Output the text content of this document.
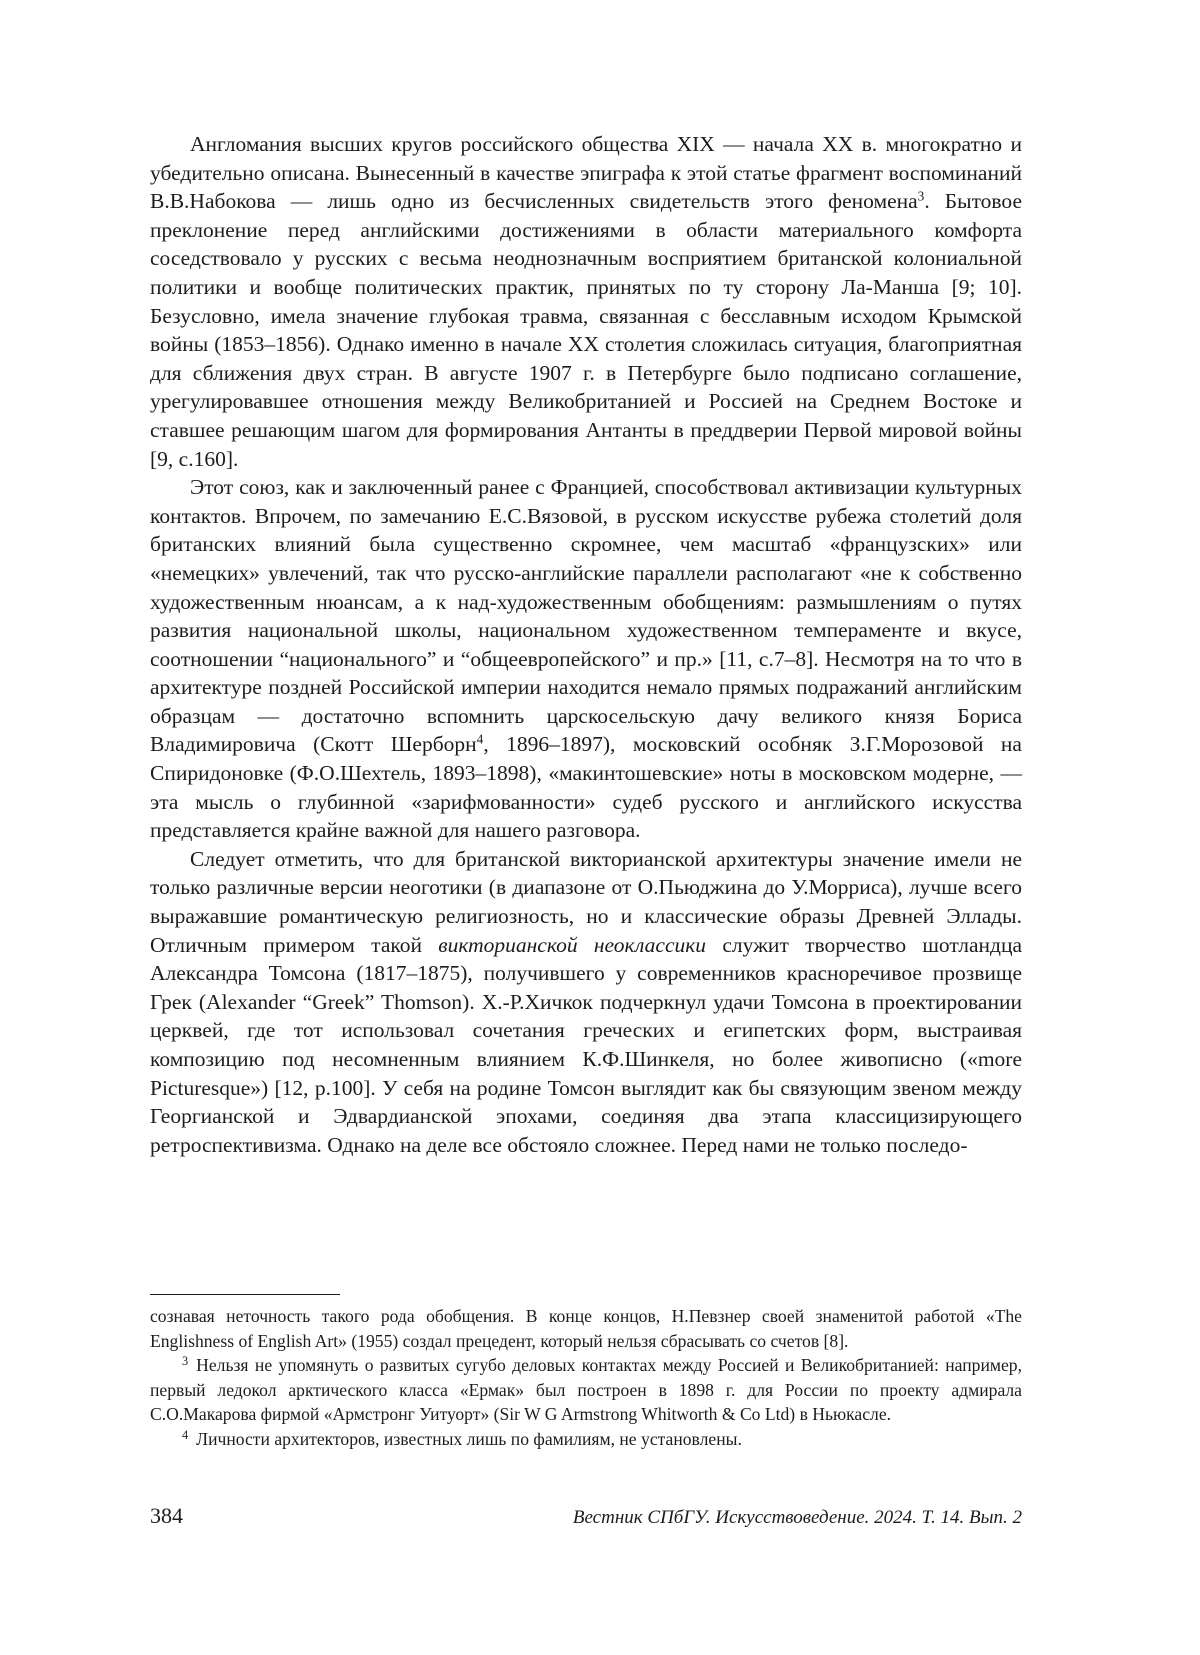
Англомания высших кругов российского общества XIX — начала XX в. многократно и убедительно описана. Вынесенный в качестве эпиграфа к этой статье фрагмент воспоминаний В.В.Набокова — лишь одно из бесчисленных свидетельств этого феномена$^3$. Бытовое преклонение перед английскими достижениями в области материального комфорта соседствовало у русских с весьма неоднозначным восприятием британской колониальной политики и вообще политических практик, принятых по ту сторону Ла-Манша [9; 10]. Безусловно, имела значение глубокая травма, связанная с бесславным исходом Крымской войны (1853–1856). Однако именно в начале XX столетия сложилась ситуация, благоприятная для сближения двух стран. В августе 1907 г. в Петербурге было подписано соглашение, урегулировавшее отношения между Великобританией и Россией на Среднем Востоке и ставшее решающим шагом для формирования Антанты в преддверии Первой мировой войны [9, с.160].

Этот союз, как и заключенный ранее с Францией, способствовал активизации культурных контактов. Впрочем, по замечанию Е.С.Вязовой, в русском искусстве рубежа столетий доля британских влияний была существенно скромнее, чем масштаб «французских» или «немецких» увлечений, так что русско-английские параллели располагают «не к собственно художественным нюансам, а к над-художественным обобщениям: размышлениям о путях развития национальной школы, национальном художественном темпераменте и вкусе, соотношении “национального” и “общеевропейского” и пр.» [11, с.7–8]. Несмотря на то что в архитектуре поздней Российской империи находится немало прямых подражаний английским образцам — достаточно вспомнить царскосельскую дачу великого князя Бориса Владимировича (Скотт Шерборн$^4$, 1896–1897), московский особняк З.Г.Морозовой на Спиридоновке (Ф.О.Шехтель, 1893–1898), «макинтошевские» ноты в московском модерне, — эта мысль о глубинной «зарифмованности» судеб русского и английского искусства представляется крайне важной для нашего разговора.

Следует отметить, что для британской викторианской архитектуры значение имели не только различные версии неоготики (в диапазоне от О.Пьюджина до У.Морриса), лучше всего выражавшие романтическую религиозность, но и классические образы Древней Эллады. Отличным примером такой викторианской неоклассики служит творчество шотландца Александра Томсона (1817–1875), получившего у современников красноречивое прозвище Грек (Alexander “Greek” Thomson). Х.-Р.Хичкок подчеркнул удачи Томсона в проектировании церквей, где тот использовал сочетания греческих и египетских форм, выстраивая композицию под несомненным влиянием К.Ф.Шинкеля, но более живописно («more Picturesque») [12, p.100]. У себя на родине Томсон выглядит как бы связующим звеном между Георгианской и Эдвардианской эпохами, соединяя два этапа классицизирующего ретроспективизма. Однако на деле все обстояло сложнее. Перед нами не только последо-

сознавая неточность такого рода обобщения. В конце концов, Н.Певзнер своей знаменитой работой «The Englishness of English Art» (1955) создал прецедент, который нельзя сбрасывать со счетов [8].

$^3$ Нельзя не упомянуть о развитых сугубо деловых контактах между Россией и Великобританией: например, первый ледокол арктического класса «Ермак» был построен в 1898 г. для России по проекту адмирала С.О.Макарова фирмой «Армстронг Уитуорт» (Sir W G Armstrong Whitworth & Co Ltd) в Ньюкасле.

$^4$ Личности архитекторов, известных лишь по фамилиям, не установлены.

384	Вестник СПбГУ. Искусствоведение. 2024. Т. 14. Вып. 2
